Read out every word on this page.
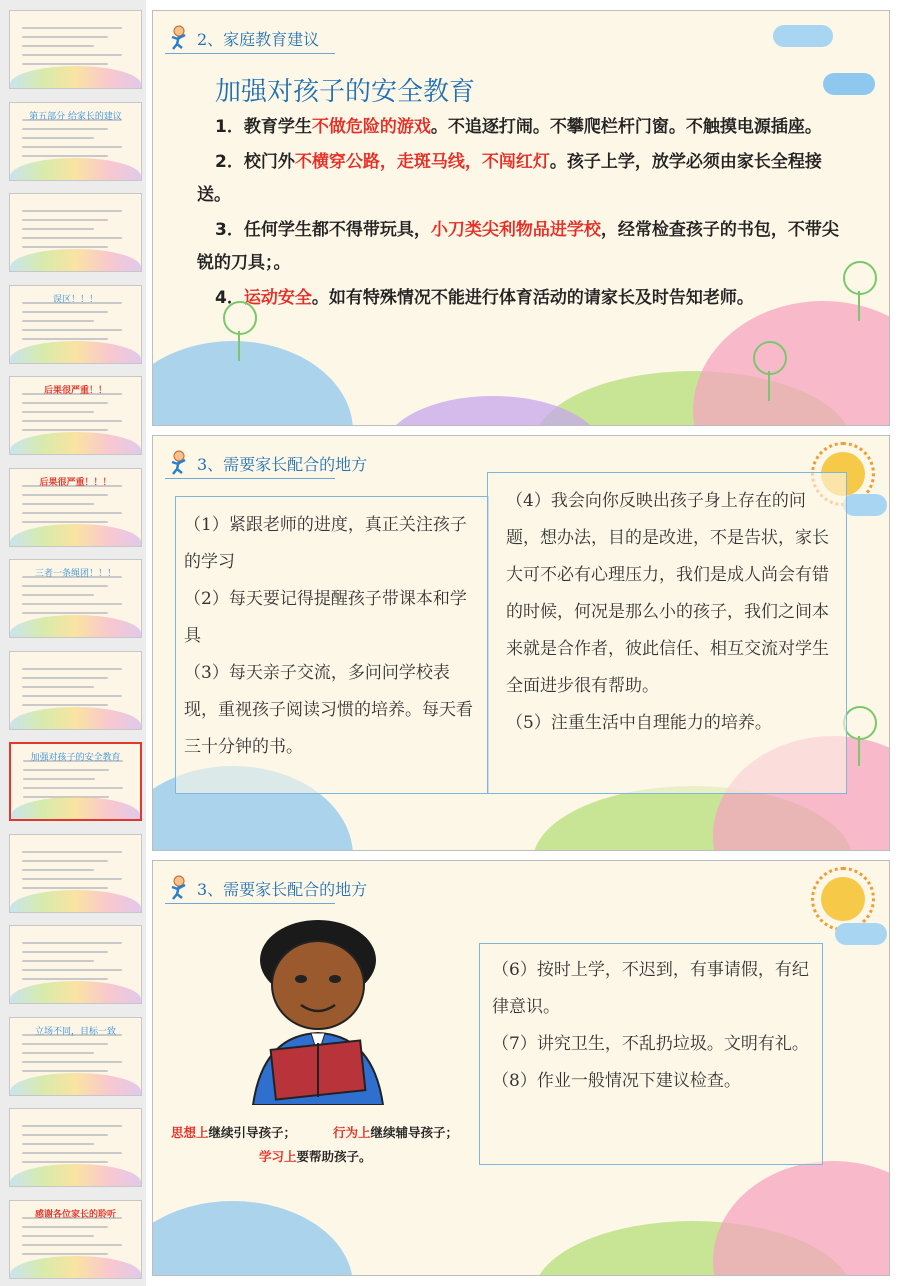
第五部分 给家长的建议
误区！！！
后果很严重！！
后果很严重！！！
三者一条绳团！！！
加强对孩子的安全教育
立场不同，目标一致
感谢各位家长的聆听
2、家庭教育建议
加强对孩子的安全教育

1．教育学生不做危险的游戏。不追逐打闹。不攀爬栏杆门窗。不触摸电源插座。

2．校门外不横穿公路，走斑马线，不闯红灯。孩子上学，放学必须由家长全程接送。

3．任何学生都不得带玩具，小刀类尖利物品进学校，经常检查孩子的书包，不带尖锐的刀具；。

4．运动安全。如有特殊情况不能进行体育活动的请家长及时告知老师。

3、需要家长配合的地方

（1）紧跟老师的进度，真正关注孩子的学习

（2）每天要记得提醒孩子带课本和学具

（3）每天亲子交流，多问问学校表现，重视孩子阅读习惯的培养。每天看三十分钟的书。

（4）我会向你反映出孩子身上存在的问题，想办法，目的是改进，不是告状，家长大可不必有心理压力，我们是成人尚会有错的时候，何况是那么小的孩子，我们之间本来就是合作者，彼此信任、相互交流对学生全面进步很有帮助。

（5）注重生活中自理能力的培养。

3、需要家长配合的地方
思想上继续引导孩子；	行为上继续辅导孩子；
学习上要帮助孩子。

（6）按时上学，不迟到，有事请假，有纪律意识。

（7）讲究卫生，不乱扔垃圾。文明有礼。

（8）作业一般情况下建议检查。
